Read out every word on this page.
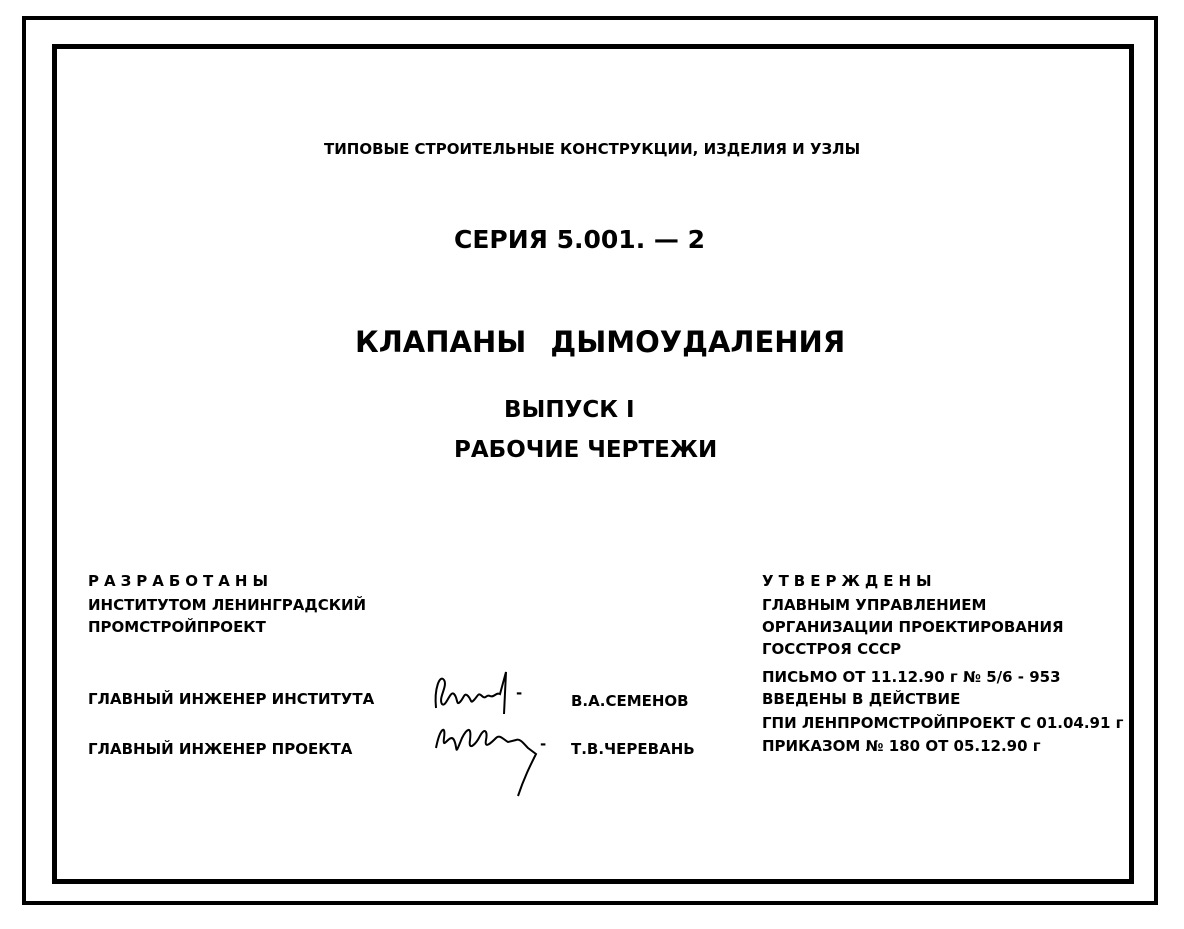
ТИПОВЫЕ СТРОИТЕЛЬНЫЕ КОНСТРУКЦИИ, ИЗДЕЛИЯ И УЗЛЫ
СЕРИЯ 5.001. — 2
КЛАПАНЫ ДЫМОУДАЛЕНИЯ
ВЫПУСК I
РАБОЧИЕ ЧЕРТЕЖИ
РАЗРАБОТАНЫ
ИНСТИТУТОМ ЛЕНИНГРАДСКИЙ
ПРОМСТРОЙПРОЕКТ
УТВЕРЖДЕНЫ
ГЛАВНЫМ УПРАВЛЕНИЕМ
ОРГАНИЗАЦИИ ПРОЕКТИРОВАНИЯ
ГОССТРОЯ СССР
ПИСЬМО ОТ 11.12.90 г № 5/6 - 953
ВВЕДЕНЫ В ДЕЙСТВИЕ
ГПИ ЛЕНПРОМСТРОЙПРОЕКТ С 01.04.91 г
ПРИКАЗОМ № 180 ОТ 05.12.90 г
ГЛАВНЫЙ ИНЖЕНЕР ИНСТИТУТА
ГЛАВНЫЙ ИНЖЕНЕР ПРОЕКТА
-
-
В.А.СЕМЕНОВ
Т.В.ЧЕРЕВАНЬ
